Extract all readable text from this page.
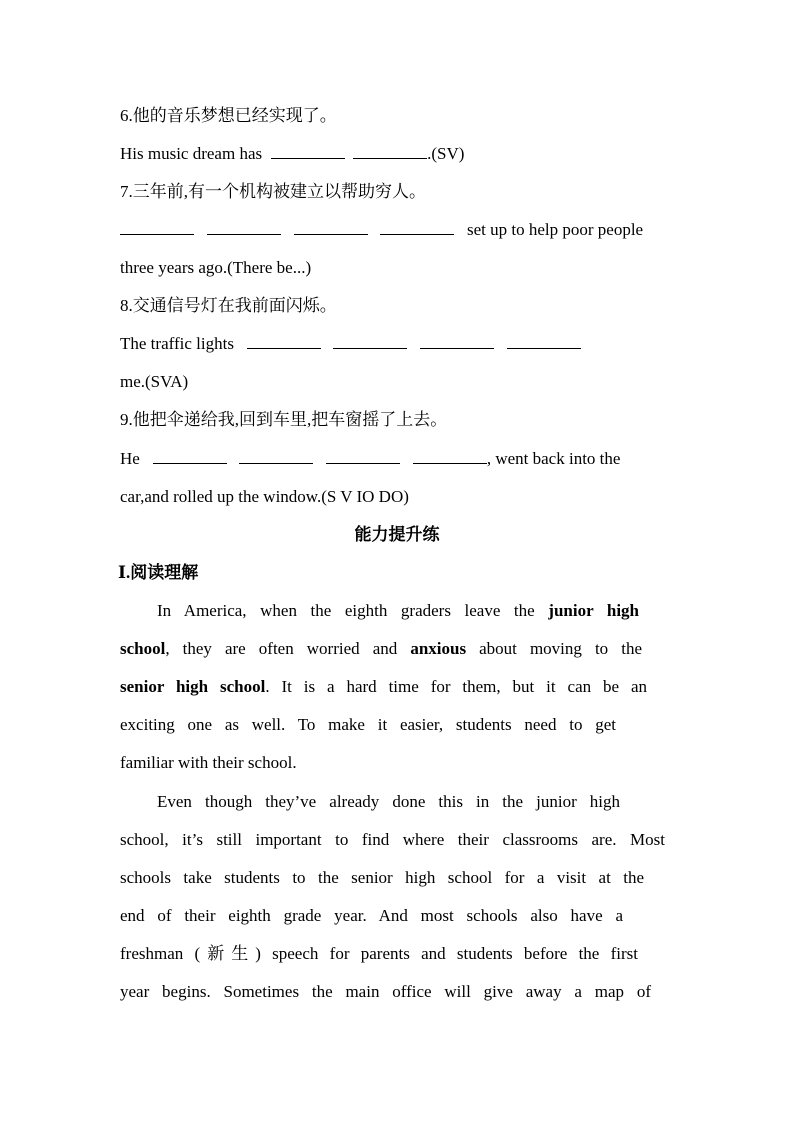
6.他的音乐梦想已经实现了。
His music dream has	.(SV)
7.三年前,有一个机构被建立以帮助穷人。
set up to help poor people
three years ago.(There be...)
8.交通信号灯在我前面闪烁。
The traffic lights
me.(SVA)
9.他把伞递给我,回到车里,把车窗摇了上去。
He	, went back into the
car,and rolled up the window.(S V IO DO)
能力提升练
Ⅰ.阅读理解
In America, when the eighth graders leave the junior high
school, they are often worried and anxious about moving to the
senior high school. It is a hard time for them, but it can be an
exciting one as well. To make it easier, students need to get
familiar with their school.
Even though they’ve already done this in the junior high
school, it’s still important to find where their classrooms are. Most
schools take students to the senior high school for a visit at the
end of their eighth grade year. And most schools also have a
freshman (新生) speech for parents and students before the first
year begins. Sometimes the main office will give away a map of
